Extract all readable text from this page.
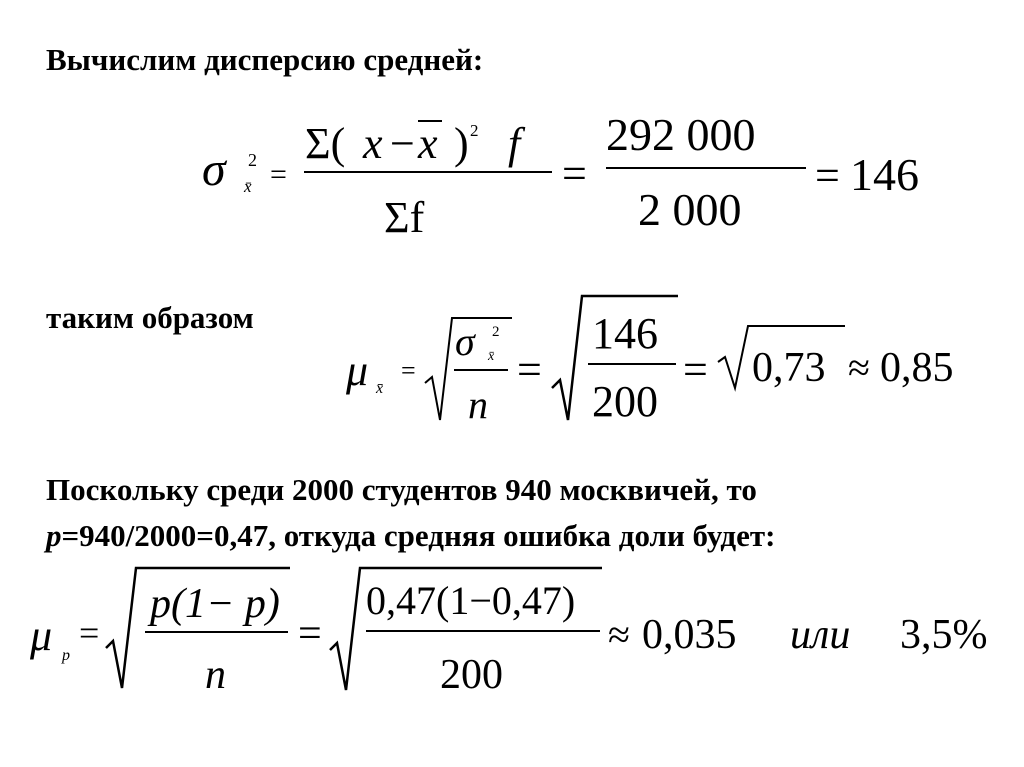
Вычислим дисперсию средней:
σ 2
x̄ =
Σ( x − x ) 2 f
Σf
=
292 000
2 000
= 146
таким образом
μ x̄
=
σ 2
x̄
n
=
146
200
= 0,73 ≈ 0,85
Поскольку среди 2000 студентов 940 москвичей, то
p=940/2000=0,47, откуда средняя ошибка доли будет:
μ p
=
p(1− p)
n
=
0,47(1−0,47)
200
≈ 0,035 или 3,5%
